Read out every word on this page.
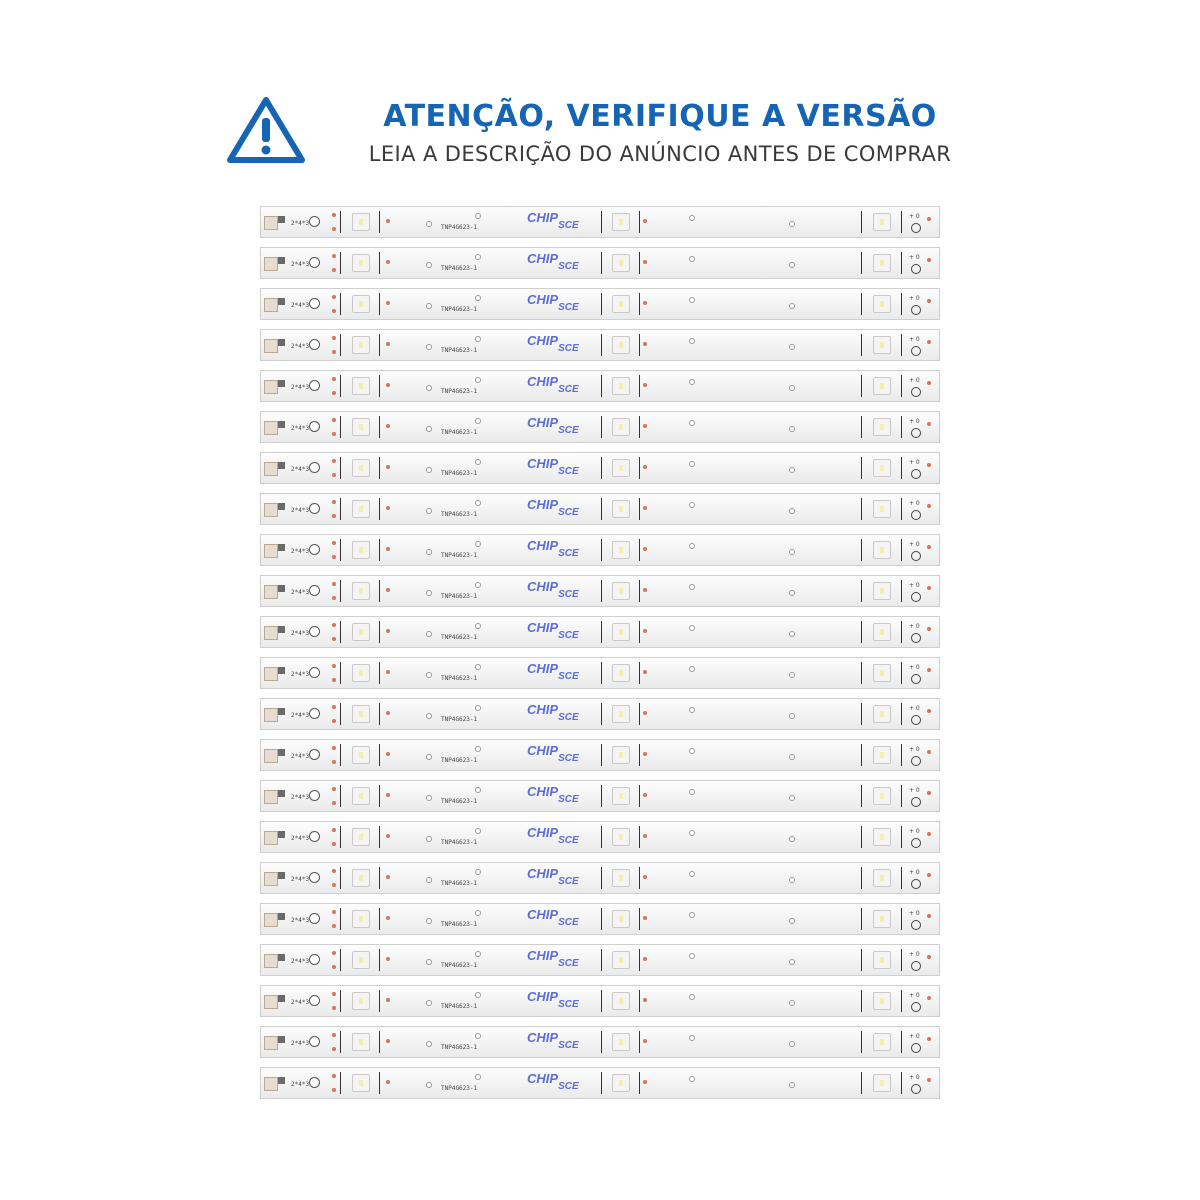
ATENÇÃO, VERIFIQUE A VERSÃO
LEIA A DESCRIÇÃO DO ANÚNCIO ANTES DE COMPRAR
2*4*3
TNP4G623-1
$CHIP_{SCE}$
+ 0
2*4*3
TNP4G623-1
$CHIP_{SCE}$
+ 0
2*4*3
TNP4G623-1
$CHIP_{SCE}$
+ 0
2*4*3
TNP4G623-1
$CHIP_{SCE}$
+ 0
2*4*3
TNP4G623-1
$CHIP_{SCE}$
+ 0
2*4*3
TNP4G623-1
$CHIP_{SCE}$
+ 0
2*4*3
TNP4G623-1
$CHIP_{SCE}$
+ 0
2*4*3
TNP4G623-1
$CHIP_{SCE}$
+ 0
2*4*3
TNP4G623-1
$CHIP_{SCE}$
+ 0
2*4*3
TNP4G623-1
$CHIP_{SCE}$
+ 0
2*4*3
TNP4G623-1
$CHIP_{SCE}$
+ 0
2*4*3
TNP4G623-1
$CHIP_{SCE}$
+ 0
2*4*3
TNP4G623-1
$CHIP_{SCE}$
+ 0
2*4*3
TNP4G623-1
$CHIP_{SCE}$
+ 0
2*4*3
TNP4G623-1
$CHIP_{SCE}$
+ 0
2*4*3
TNP4G623-1
$CHIP_{SCE}$
+ 0
2*4*3
TNP4G623-1
$CHIP_{SCE}$
+ 0
2*4*3
TNP4G623-1
$CHIP_{SCE}$
+ 0
2*4*3
TNP4G623-1
$CHIP_{SCE}$
+ 0
2*4*3
TNP4G623-1
$CHIP_{SCE}$
+ 0
2*4*3
TNP4G623-1
$CHIP_{SCE}$
+ 0
2*4*3
TNP4G623-1
$CHIP_{SCE}$
+ 0
